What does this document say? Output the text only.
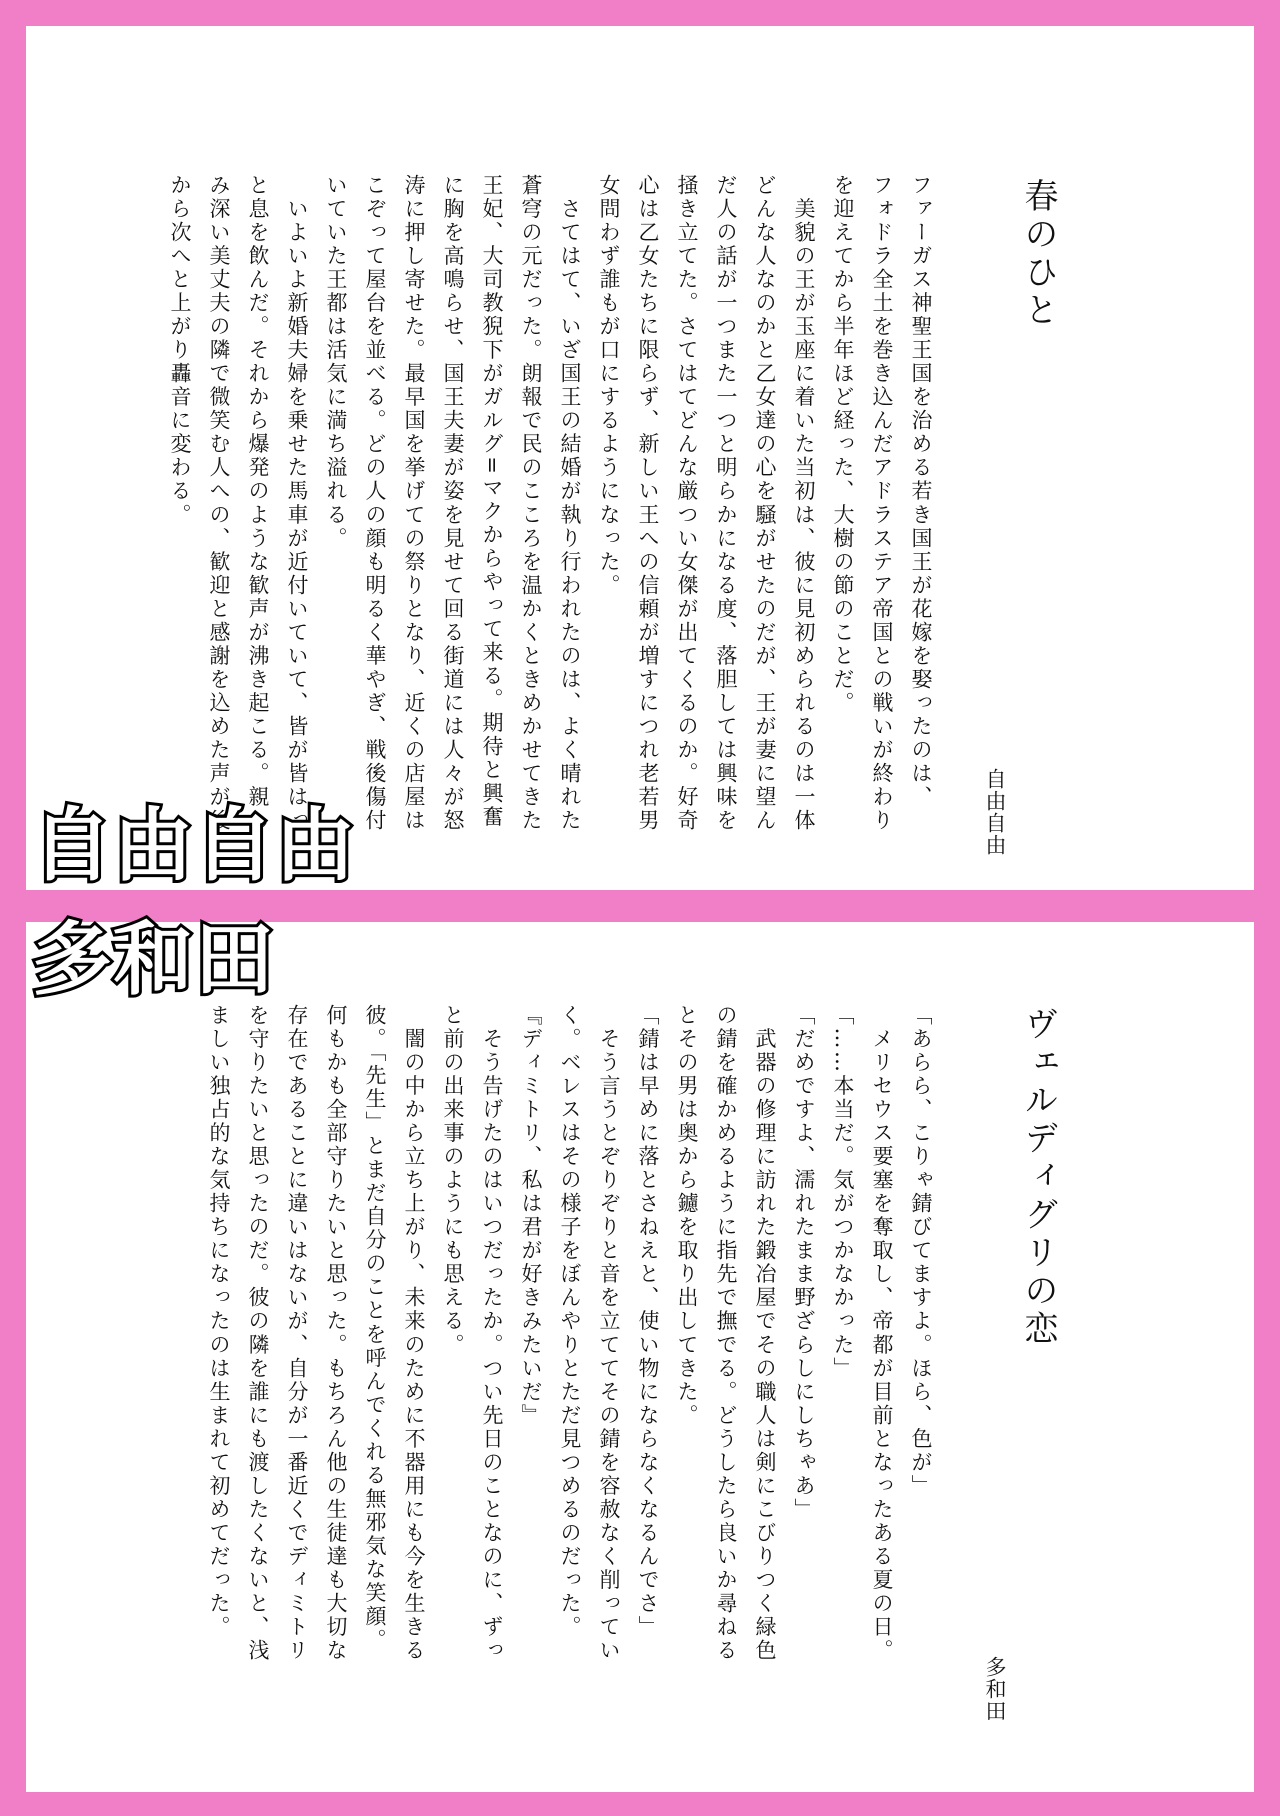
春のひと
自由自由

ファーガス神聖王国を治める若き国王が花嫁を娶ったのは、

フォドラ全土を巻き込んだアドラステア帝国との戦いが終わり

を迎えてから半年ほど経った、大樹の節のことだ。

　美貌の王が玉座に着いた当初は、彼に見初められるのは一体

どんな人なのかと乙女達の心を騒がせたのだが、王が妻に望ん

だ人の話が一つまた一つと明らかになる度、落胆しては興味を

掻き立てた。さてはてどんな厳つい女傑が出てくるのか。好奇

心は乙女たちに限らず、新しい王への信頼が増すにつれ老若男

女問わず誰もが口にするようになった。

　さてはて、いざ国王の結婚が執り行われたのは、よく晴れた

蒼穹の元だった。朗報で民のこころを温かくときめかせてきた

王妃、大司教猊下がガルグ=マクからやって来る。期待と興奮

に胸を高鳴らせ、国王夫妻が姿を見せて回る街道には人々が怒

涛に押し寄せた。最早国を挙げての祭りとなり、近くの店屋は

こぞって屋台を並べる。どの人の顔も明るく華やぎ、戦後傷付

いていた王都は活気に満ち溢れる。

　いよいよ新婚夫婦を乗せた馬車が近付いていて、皆が皆はっ

と息を飲んだ。それから爆発のような歓声が沸き起こる。親し

み深い美丈夫の隣で微笑む人への、歓迎と感謝を込めた声が後

から次へと上がり轟音に変わる。

ヴェルディグリの恋
多和田

「あらら、こりゃ錆びてますよ。ほら、色が」

　メリセウス要塞を奪取し、帝都が目前となったある夏の日。

「……本当だ。気がつかなかった」

「だめですよ、濡れたまま野ざらしにしちゃあ」

　武器の修理に訪れた鍛冶屋でその職人は剣にこびりつく緑色

の錆を確かめるように指先で撫でる。どうしたら良いか尋ねる

とその男は奥から鑢を取り出してきた。

「錆は早めに落とさねえと、使い物にならなくなるんでさ」

　そう言うとぞりぞりと音を立ててその錆を容赦なく削ってい

く。ベレスはその様子をぼんやりとただ見つめるのだった。

『ディミトリ、私は君が好きみたいだ』

　そう告げたのはいつだったか。つい先日のことなのに、ずっ

と前の出来事のようにも思える。

　闇の中から立ち上がり、未来のために不器用にも今を生きる

彼。「先生」とまだ自分のことを呼んでくれる無邪気な笑顔。

何もかも全部守りたいと思った。もちろん他の生徒達も大切な

存在であることに違いはないが、自分が一番近くでディミトリ

を守りたいと思ったのだ。彼の隣を誰にも渡したくないと、浅

ましい独占的な気持ちになったのは生まれて初めてだった。

自由自由
多和田
